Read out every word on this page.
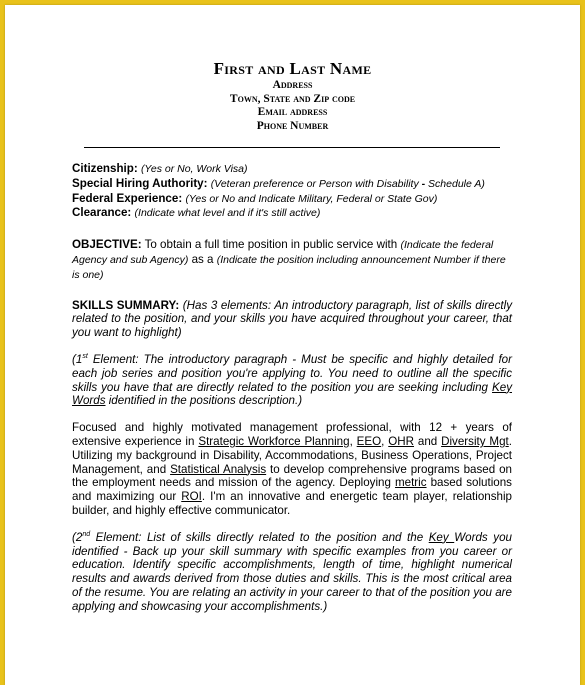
First and Last Name
Address
Town, State and Zip code
Email address
Phone Number

Citizenship: (Yes or No, Work Visa)

Special Hiring Authority: (Veteran preference or Person with Disability - Schedule A)

Federal Experience: (Yes or No and Indicate Military, Federal or State Gov)

Clearance: (Indicate what level and if it's still active)

OBJECTIVE: To obtain a full time position in public service with (Indicate the federal Agency and sub Agency) as a (Indicate the position including announcement Number if there is one)

SKILLS SUMMARY: (Has 3 elements: An introductory paragraph, list of skills directly related to the position, and your skills you have acquired throughout your career, that you want to highlight)

(1st Element: The introductory paragraph - Must be specific and highly detailed for each job series and position you're applying to. You need to outline all the specific skills you have that are directly related to the position you are seeking including Key Words identified in the positions description.)

Focused and highly motivated management professional, with 12 + years of extensive experience in Strategic Workforce Planning, EEO, OHR and Diversity Mgt. Utilizing my background in Disability, Accommodations, Business Operations, Project Management, and Statistical Analysis to develop comprehensive programs based on the employment needs and mission of the agency. Deploying metric based solutions and maximizing our ROI. I'm an innovative and energetic team player, relationship builder, and highly effective communicator.

(2nd Element: List of skills directly related to the position and the Key Words you identified - Back up your skill summary with specific examples from you career or education. Identify specific accomplishments, length of time, highlight numerical results and awards derived from those duties and skills. This is the most critical area of the resume. You are relating an activity in your career to that of the position you are applying and showcasing your accomplishments.)
